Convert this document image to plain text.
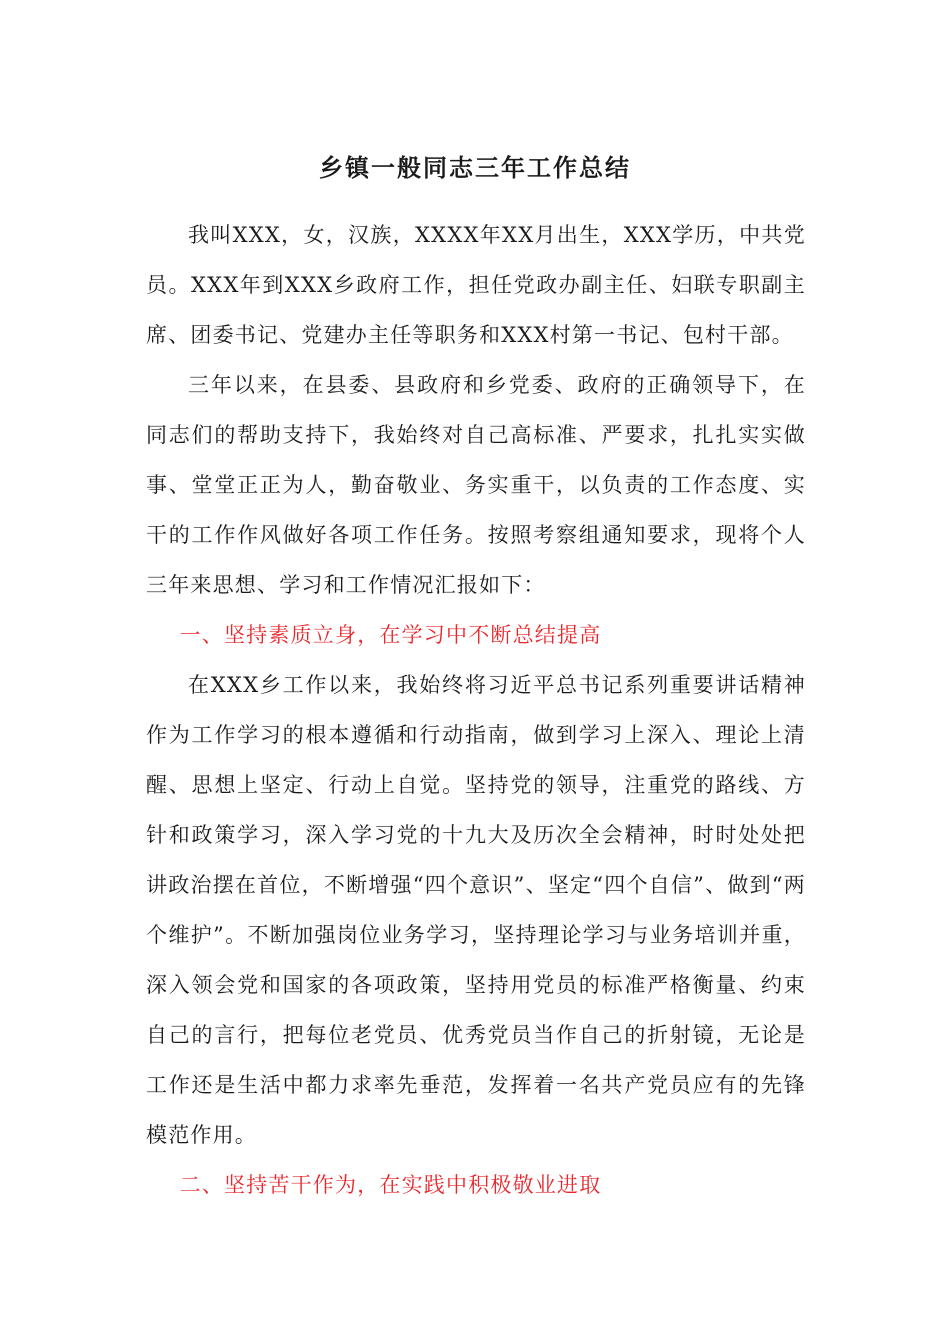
乡镇一般同志三年工作总结

我叫XXX，女，汉族，XXXX年XX月出生，XXX学历，中共党员。XXX年到XXX乡政府工作，担任党政办副主任、妇联专职副主席、团委书记、党建办主任等职务和XXX村第一书记、包村干部。

三年以来，在县委、县政府和乡党委、政府的正确领导下，在同志们的帮助支持下，我始终对自己高标准、严要求，扎扎实实做事、堂堂正正为人，勤奋敬业、务实重干，以负责的工作态度、实干的工作作风做好各项工作任务。按照考察组通知要求，现将个人三年来思想、学习和工作情况汇报如下：

一、坚持素质立身，在学习中不断总结提高

在XXX乡工作以来，我始终将习近平总书记系列重要讲话精神作为工作学习的根本遵循和行动指南，做到学习上深入、理论上清醒、思想上坚定、行动上自觉。坚持党的领导，注重党的路线、方针和政策学习，深入学习党的十九大及历次全会精神，时时处处把讲政治摆在首位，不断增强“四个意识”、坚定“四个自信”、做到“两个维护”。不断加强岗位业务学习，坚持理论学习与业务培训并重，深入领会党和国家的各项政策，坚持用党员的标准严格衡量、约束自己的言行，把每位老党员、优秀党员当作自己的折射镜，无论是工作还是生活中都力求率先垂范，发挥着一名共产党员应有的先锋模范作用。

二、坚持苦干作为，在实践中积极敬业进取
